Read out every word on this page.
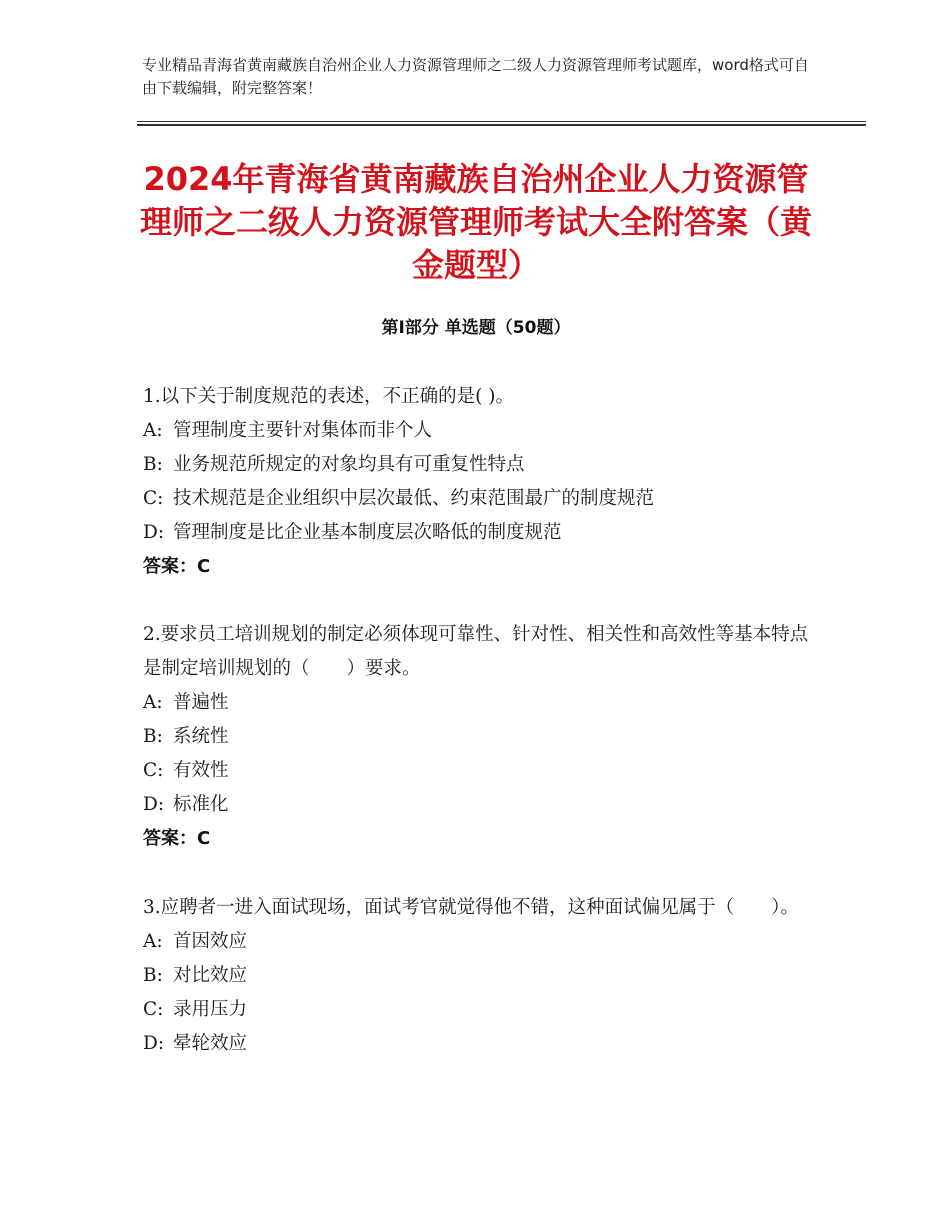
专业精品青海省黄南藏族自治州企业人力资源管理师之二级人力资源管理师考试题库，word格式可自由下载编辑，附完整答案！
2024年青海省黄南藏族自治州企业人力资源管理师之二级人力资源管理师考试大全附答案（黄金题型）
第Ⅰ部分 单选题（50题）
1.以下关于制度规范的表述，不正确的是( )。
A: 管理制度主要针对集体而非个人
B: 业务规范所规定的对象均具有可重复性特点
C: 技术规范是企业组织中层次最低、约束范围最广的制度规范
D: 管理制度是比企业基本制度层次略低的制度规范
答案：C
2.要求员工培训规划的制定必须体现可靠性、针对性、相关性和高效性等基本特点是制定培训规划的（　　）要求。
A: 普遍性
B: 系统性
C: 有效性
D: 标准化
答案：C
3.应聘者一进入面试现场，面试考官就觉得他不错，这种面试偏见属于（　　）。
A: 首因效应
B: 对比效应
C: 录用压力
D: 晕轮效应
